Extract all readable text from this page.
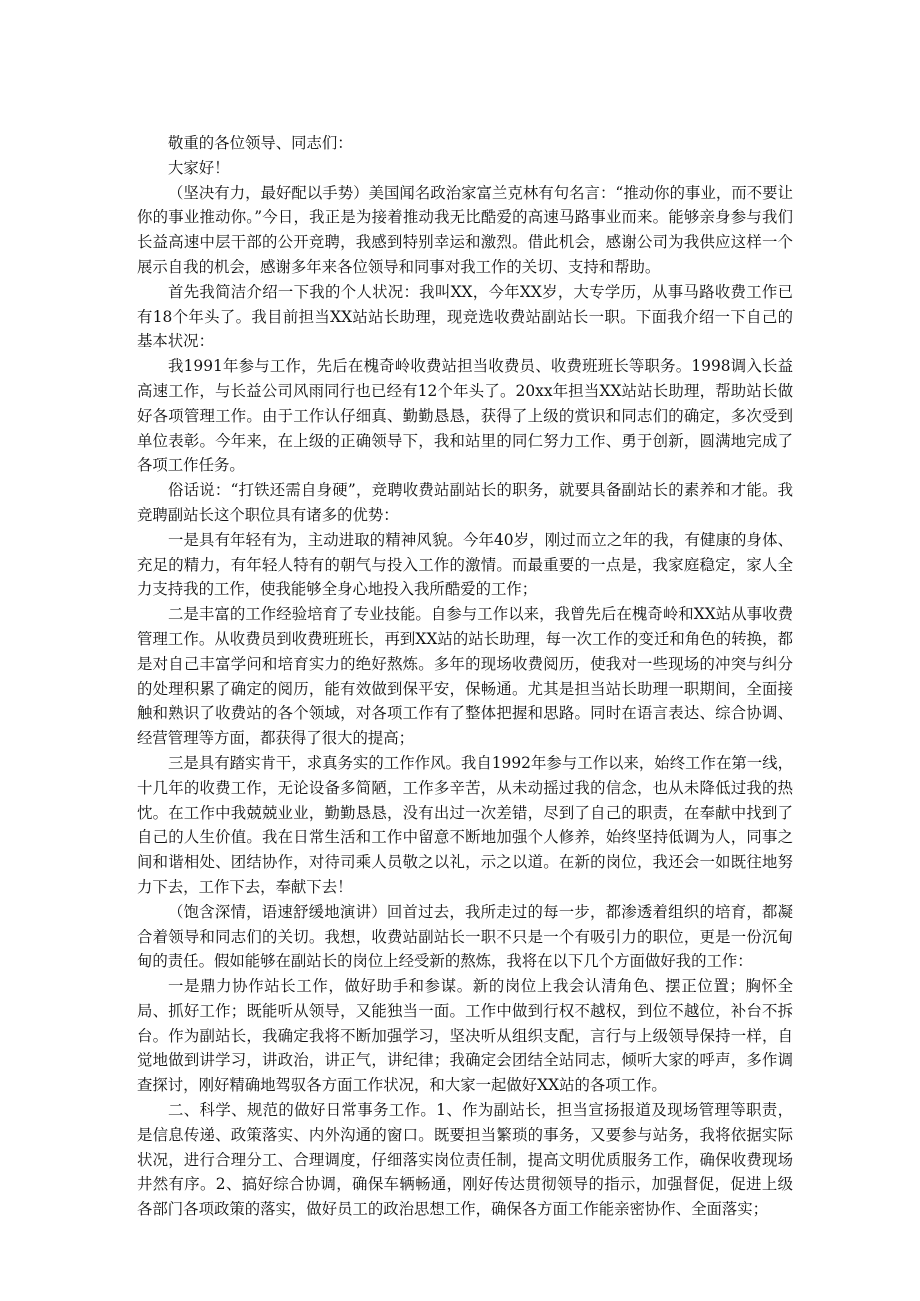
敬重的各位领导、同志们：

大家好！

（坚决有力，最好配以手势）美国闻名政治家富兰克林有句名言：“推动你的事业，而不要让你的事业推动你。”今日，我正是为接着推动我无比酷爱的高速马路事业而来。能够亲身参与我们长益高速中层干部的公开竞聘，我感到特别幸运和激烈。借此机会，感谢公司为我供应这样一个展示自我的机会，感谢多年来各位领导和同事对我工作的关切、支持和帮助。

首先我简洁介绍一下我的个人状况：我叫XX，今年XX岁，大专学历，从事马路收费工作已有18个年头了。我目前担当XX站站长助理，现竞选收费站副站长一职。下面我介绍一下自己的基本状况：

我1991年参与工作，先后在槐奇岭收费站担当收费员、收费班班长等职务。1998调入长益高速工作，与长益公司风雨同行也已经有12个年头了。20xx年担当XX站站长助理，帮助站长做好各项管理工作。由于工作认仔细真、勤勤恳恳，获得了上级的赏识和同志们的确定，多次受到单位表彰。今年来，在上级的正确领导下，我和站里的同仁努力工作、勇于创新，圆满地完成了各项工作任务。

俗话说：“打铁还需自身硬”，竞聘收费站副站长的职务，就要具备副站长的素养和才能。我竞聘副站长这个职位具有诸多的优势：

一是具有年轻有为，主动进取的精神风貌。今年40岁，刚过而立之年的我，有健康的身体、充足的精力，有年轻人特有的朝气与投入工作的激情。而最重要的一点是，我家庭稳定，家人全力支持我的工作，使我能够全身心地投入我所酷爱的工作；

二是丰富的工作经验培育了专业技能。自参与工作以来，我曾先后在槐奇岭和XX站从事收费管理工作。从收费员到收费班班长，再到XX站的站长助理，每一次工作的变迁和角色的转换，都是对自己丰富学问和培育实力的绝好熬炼。多年的现场收费阅历，使我对一些现场的冲突与纠分的处理积累了确定的阅历，能有效做到保平安，保畅通。尤其是担当站长助理一职期间，全面接触和熟识了收费站的各个领域，对各项工作有了整体把握和思路。同时在语言表达、综合协调、经营管理等方面，都获得了很大的提高；

三是具有踏实肯干，求真务实的工作作风。我自1992年参与工作以来，始终工作在第一线，十几年的收费工作，无论设备多简陋，工作多辛苦，从未动摇过我的信念，也从未降低过我的热忱。在工作中我兢兢业业，勤勤恳恳，没有出过一次差错，尽到了自己的职责，在奉献中找到了自己的人生价值。我在日常生活和工作中留意不断地加强个人修养，始终坚持低调为人，同事之间和谐相处、团结协作，对待司乘人员敬之以礼，示之以道。在新的岗位，我还会一如既往地努力下去，工作下去，奉献下去！

（饱含深情，语速舒缓地演讲）回首过去，我所走过的每一步，都渗透着组织的培育，都凝合着领导和同志们的关切。我想，收费站副站长一职不只是一个有吸引力的职位，更是一份沉甸甸的责任。假如能够在副站长的岗位上经受新的熬炼，我将在以下几个方面做好我的工作：

一是鼎力协作站长工作，做好助手和参谋。新的岗位上我会认清角色、摆正位置；胸怀全局、抓好工作；既能听从领导，又能独当一面。工作中做到行权不越权，到位不越位，补台不拆台。作为副站长，我确定我将不断加强学习，坚决听从组织支配，言行与上级领导保持一样，自觉地做到讲学习，讲政治，讲正气，讲纪律；我确定会团结全站同志，倾听大家的呼声，多作调查探讨，刚好精确地驾驭各方面工作状况，和大家一起做好XX站的各项工作。

二、科学、规范的做好日常事务工作。1、作为副站长，担当宣扬报道及现场管理等职责，是信息传递、政策落实、内外沟通的窗口。既要担当繁琐的事务，又要参与站务，我将依据实际状况，进行合理分工、合理调度，仔细落实岗位责任制，提高文明优质服务工作，确保收费现场井然有序。2、搞好综合协调，确保车辆畅通，刚好传达贯彻领导的指示，加强督促，促进上级各部门各项政策的落实，做好员工的政治思想工作，确保各方面工作能亲密协作、全面落实；
